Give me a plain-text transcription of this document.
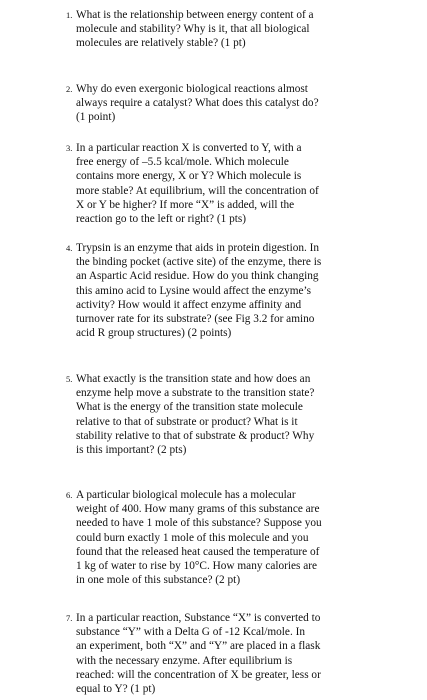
1. What is the relationship between energy content of a
molecule and stability? Why is it, that all biological
molecules are relatively stable? (1 pt)
2. Why do even exergonic biological reactions almost
always require a catalyst? What does this catalyst do?
(1 point)
3. In a particular reaction X is converted to Y, with a
free energy of –5.5 kcal/mole. Which molecule
contains more energy, X or Y? Which molecule is
more stable? At equilibrium, will the concentration of
X or Y be higher? If more “X” is added, will the
reaction go to the left or right? (1 pts)
4. Trypsin is an enzyme that aids in protein digestion. In
the binding pocket (active site) of the enzyme, there is
an Aspartic Acid residue. How do you think changing
this amino acid to Lysine would affect the enzyme’s
activity? How would it affect enzyme affinity and
turnover rate for its substrate? (see Fig 3.2 for amino
acid R group structures) (2 points)
5. What exactly is the transition state and how does an
enzyme help move a substrate to the transition state?
What is the energy of the transition state molecule
relative to that of substrate or product? What is it
stability relative to that of substrate & product? Why
is this important? (2 pts)
6. A particular biological molecule has a molecular
weight of 400. How many grams of this substance are
needed to have 1 mole of this substance? Suppose you
could burn exactly 1 mole of this molecule and you
found that the released heat caused the temperature of
1 kg of water to rise by 10°C. How many calories are
in one mole of this substance? (2 pt)
7. In a particular reaction, Substance “X” is converted to
substance “Y” with a Delta G of -12 Kcal/mole. In
an experiment, both “X” and “Y” are placed in a flask
with the necessary enzyme. After equilibrium is
reached: will the concentration of X be greater, less or
equal to Y? (1 pt)
